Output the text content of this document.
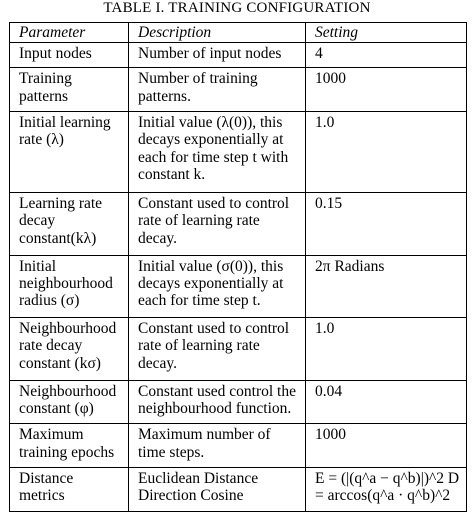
TABLE I. TRAINING CONFIGURATION
Parameter	Description	Setting
Input nodes	Number of input nodes	4
Training patterns	Number of training patterns.	1000
Initial learning rate (λ)	Initial value (λ(0)), this decays exponentially at each for time step t with constant k.	1.0
Learning rate decay constant(kλ)	Constant used to control rate of learning rate decay.	0.15
Initial neighbourhood radius (σ)	Initial value (σ(0)), this decays exponentially at each for time step t.	2π Radians
Neighbourhood rate decay constant (kσ)	Constant used to control rate of learning rate decay.	1.0
Neighbourhood constant (φ)	Constant used control the neighbourhood function.	0.04
Maximum training epochs	Maximum number of time steps.	1000
Distance metrics	Euclidean Distance Direction Cosine	E = (|(q^a − q^b)|)^2 D = arccos(q^a · q^b)^2
